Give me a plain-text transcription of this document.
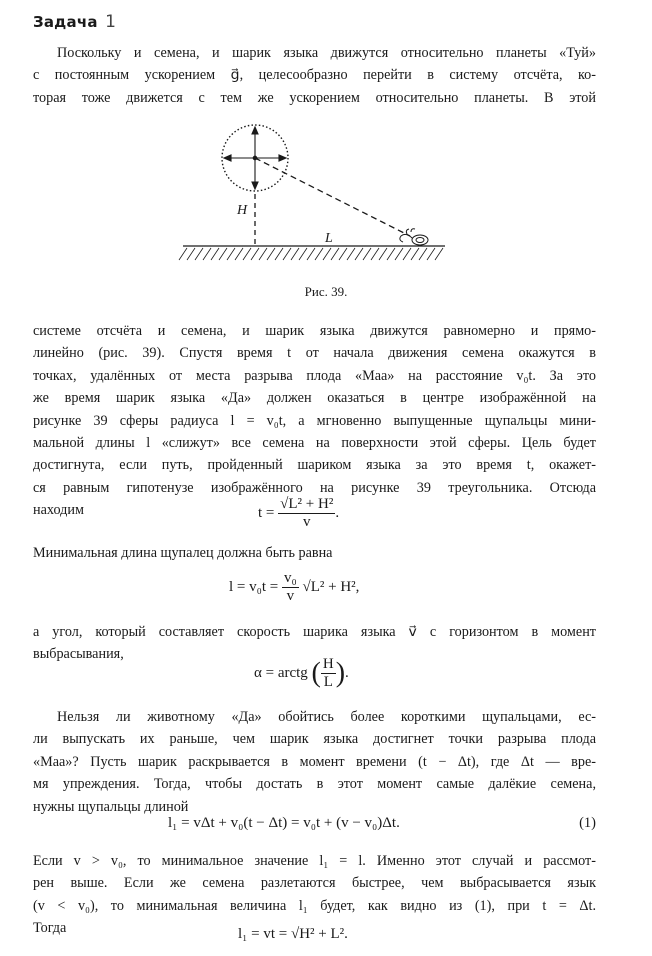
Задача 1

Поскольку и семена, и шарик языка движутся относительно планеты «Туй»
с постоянным ускорением g⃗, целесообразно перейти в систему отсчёта, ко-
торая тоже движется с тем же ускорением относительно планеты. В этой

H
L
Рис. 39.

системе отсчёта и семена, и шарик языка движутся равномерно и прямо-
линейно (рис. 39). Спустя время t от начала движения семена окажутся в
точках, удалённых от места разрыва плода «Маа» на расстояние v₀t. За это
же время шарик языка «Да» должен оказаться в центре изображённой на
рисунке 39 сферы радиуса l = v₀t, а мгновенно выпущенные щупальцы мини-
мальной длины l «слижут» все семена на поверхности этой сферы. Цель будет
достигнута, если путь, пройденный шариком языка за это время t, окажет-
ся равным гипотенузе изображённого на рисунке 39 треугольника. Отсюда
находим	$t = \frac{\text{√L² + H²}}{v}$ .

Минимальная длина щупалец должна быть равна

$l = v_0t = \frac{\text{v₀}}{v} √L^2 + H^2$,

а угол, который составляет скорость шарика языка v⃗ с горизонтом в момент
выбрасывания,

α = arctg ( $\frac{H}{L}$ ).

Нельзя ли животному «Да» обойтись более короткими щупальцами, ес-
ли выпускать их раньше, чем шарик языка достигнет точки разрыва плода
«Маа»? Пусть шарик раскрывается в момент времени (t − Δt), где Δt — вре-
мя упреждения. Тогда, чтобы достать в этот момент самые далёкие семена,
нужны щупальцы длиной

l₁ = vΔt + v₀(t − Δt) = v₀t + (v − v₀)Δt.	(1)

Если v > v₀, то минимальное значение l₁ = l. Именно этот случай и рассмот-
рен выше. Если же семена разлетаются быстрее, чем выбрасывается язык
(v < v₀), то минимальная величина l₁ будет, как видно из (1), при t = Δt.
Тогда	l₁ = vt = √H² + L².
